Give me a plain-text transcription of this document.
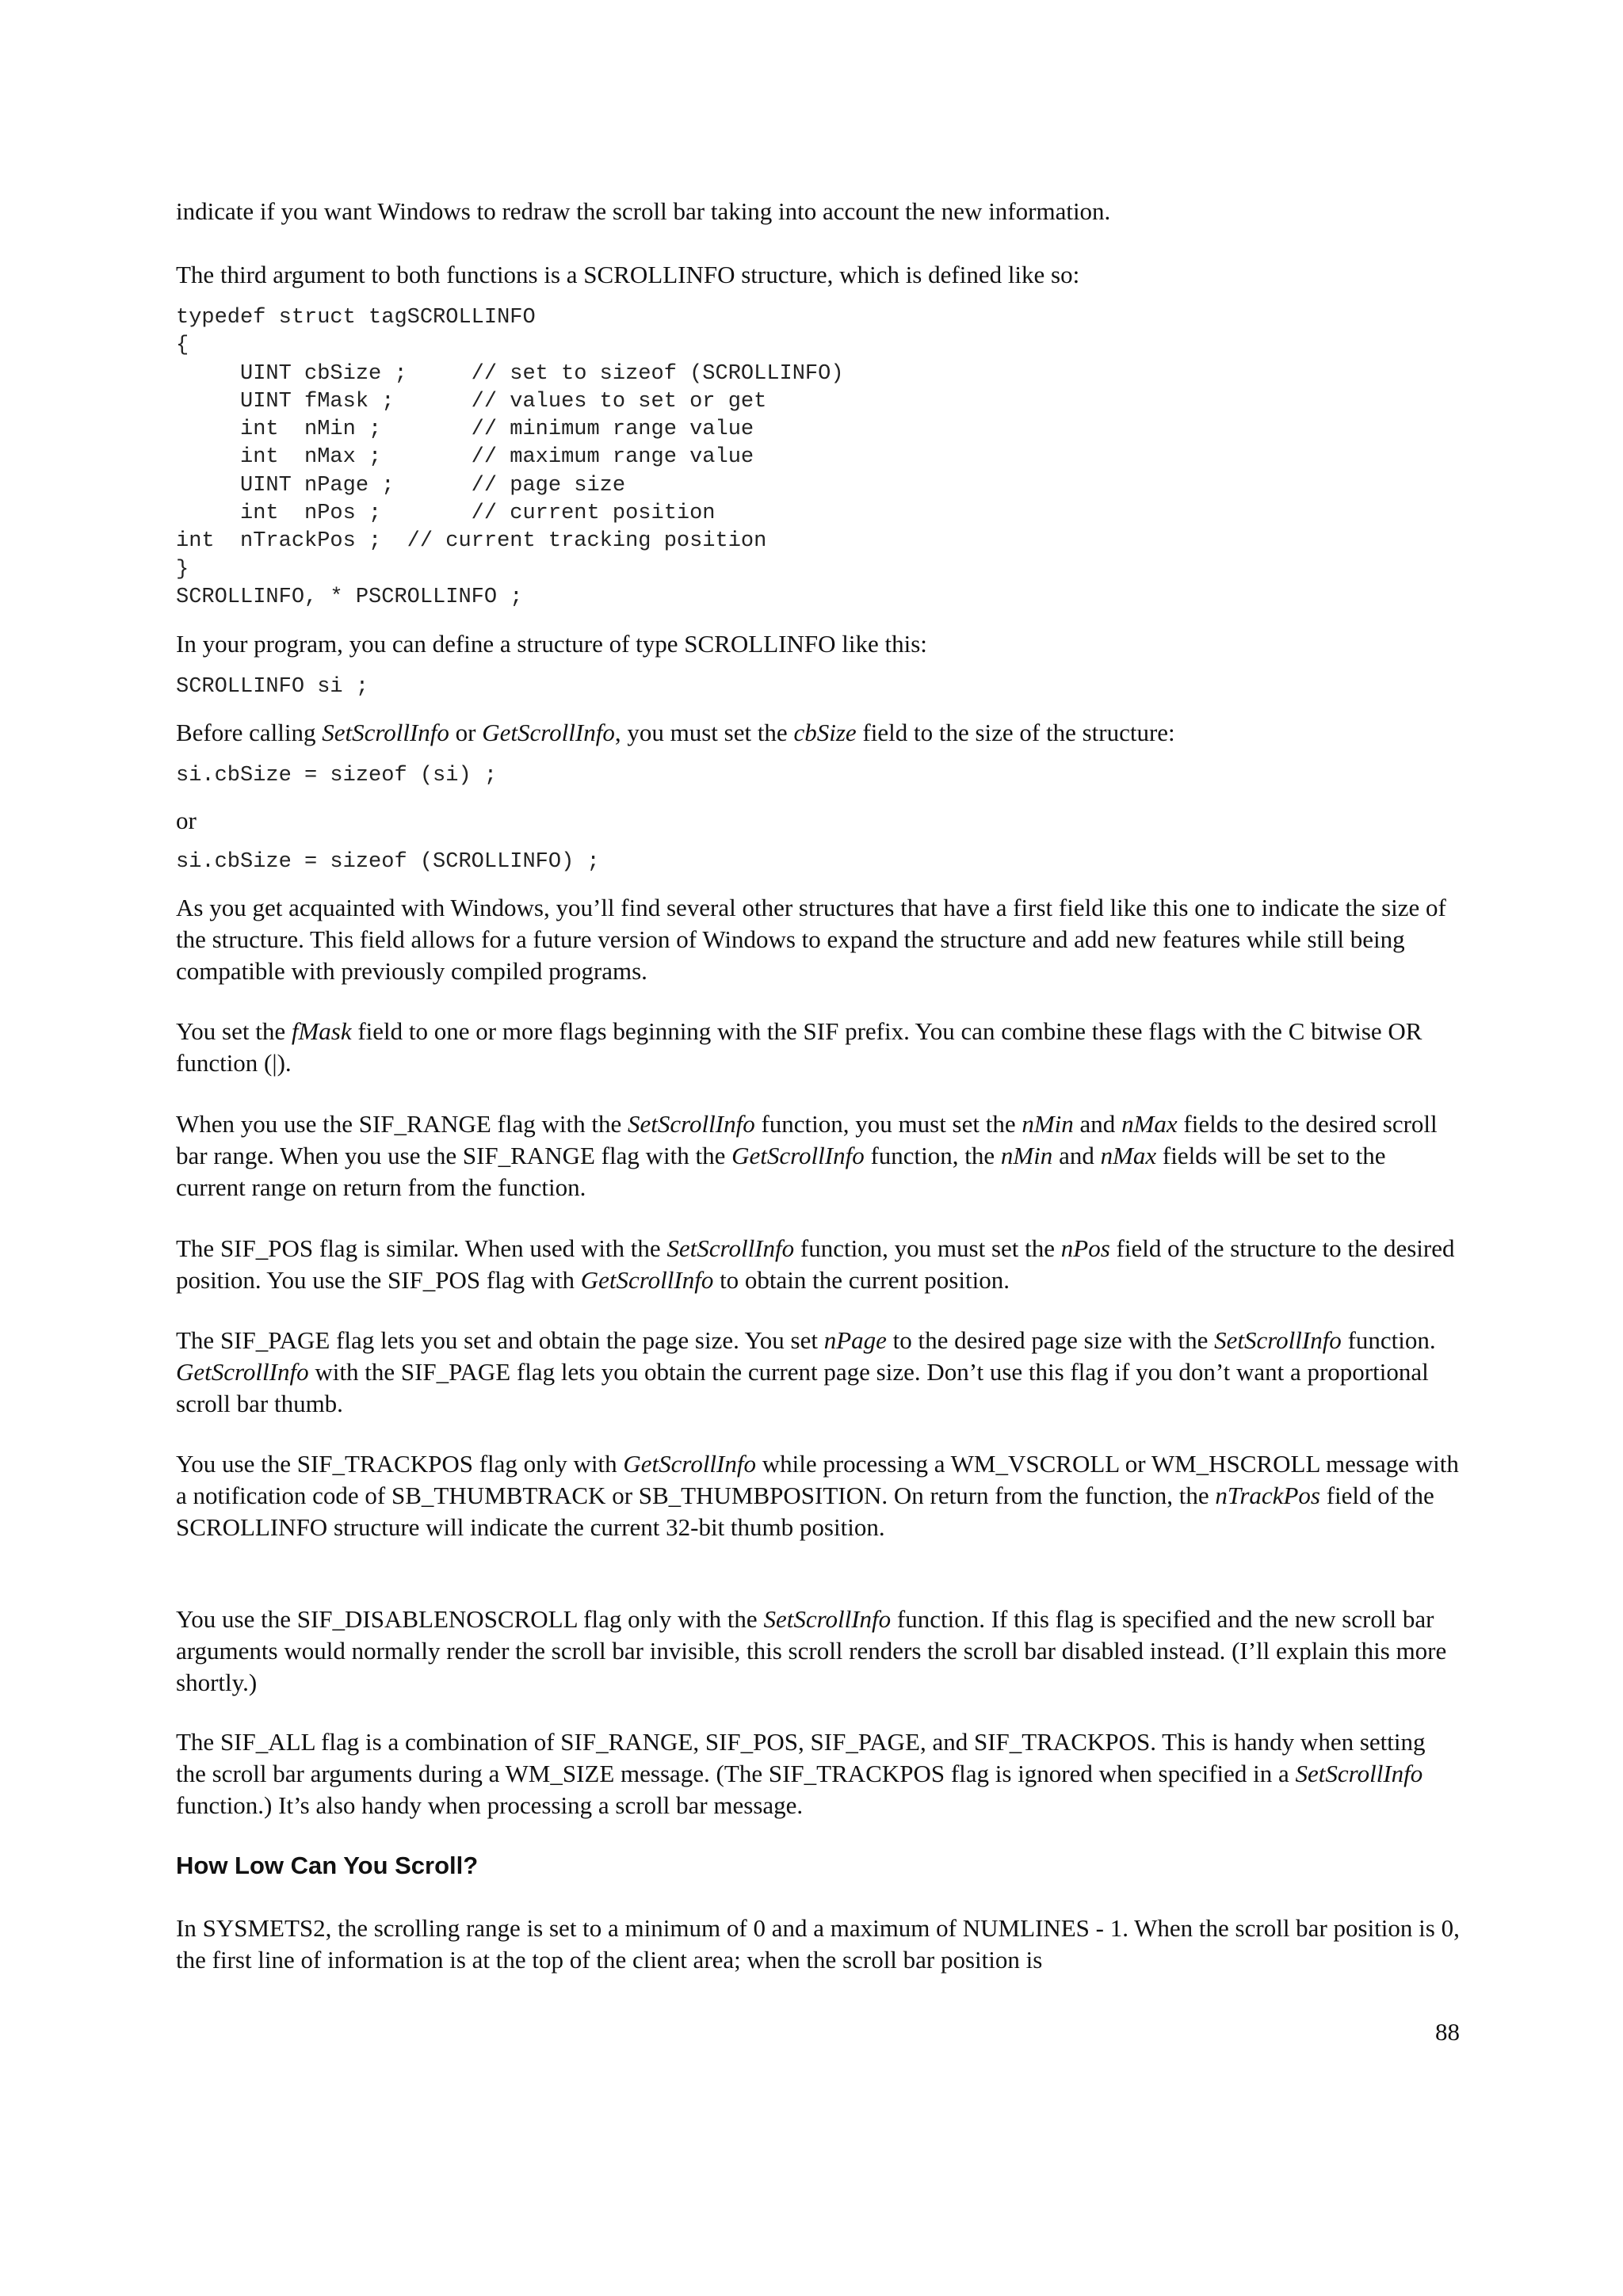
indicate if you want Windows to redraw the scroll bar taking into account the new information.

The third argument to both functions is a SCROLLINFO structure, which is defined like so:

typedef struct tagSCROLLINFO
{
UINT cbSize ;     // set to sizeof (SCROLLINFO)
UINT fMask ;      // values to set or get
int  nMin ;       // minimum range value
int  nMax ;       // maximum range value
UINT nPage ;      // page size
int  nPos ;       // current position
int  nTrackPos ;  // current tracking position
}
SCROLLINFO, * PSCROLLINFO ;

In your program, you can define a structure of type SCROLLINFO like this:

SCROLLINFO si ;

Before calling SetScrollInfo or GetScrollInfo, you must set the cbSize field to the size of the structure:

si.cbSize = sizeof (si) ;

or

si.cbSize = sizeof (SCROLLINFO) ;

As you get acquainted with Windows, you’ll find several other structures that have a first field like this one to indicate the size of the structure. This field allows for a future version of Windows to expand the structure and add new features while still being compatible with previously compiled programs.

You set the fMask field to one or more flags beginning with the SIF prefix. You can combine these flags with the C bitwise OR function (|).

When you use the SIF_RANGE flag with the SetScrollInfo function, you must set the nMin and nMax fields to the desired scroll bar range. When you use the SIF_RANGE flag with the GetScrollInfo function, the nMin and nMax fields will be set to the current range on return from the function.

The SIF_POS flag is similar. When used with the SetScrollInfo function, you must set the nPos field of the structure to the desired position. You use the SIF_POS flag with GetScrollInfo to obtain the current position.

The SIF_PAGE flag lets you set and obtain the page size. You set nPage to the desired page size with the SetScrollInfo function. GetScrollInfo with the SIF_PAGE flag lets you obtain the current page size. Don’t use this flag if you don’t want a proportional scroll bar thumb.

You use the SIF_TRACKPOS flag only with GetScrollInfo while processing a WM_VSCROLL or WM_HSCROLL message with a notification code of SB_THUMBTRACK or SB_THUMBPOSITION. On return from the function, the nTrackPos field of the SCROLLINFO structure will indicate the current 32-bit thumb position.

You use the SIF_DISABLENOSCROLL flag only with the SetScrollInfo function. If this flag is specified and the new scroll bar arguments would normally render the scroll bar invisible, this scroll renders the scroll bar disabled instead. (I’ll explain this more shortly.)

The SIF_ALL flag is a combination of SIF_RANGE, SIF_POS, SIF_PAGE, and SIF_TRACKPOS. This is handy when setting the scroll bar arguments during a WM_SIZE message. (The SIF_TRACKPOS flag is ignored when specified in a SetScrollInfo function.) It’s also handy when processing a scroll bar message.

How Low Can You Scroll?

In SYSMETS2, the scrolling range is set to a minimum of 0 and a maximum of NUMLINES - 1. When the scroll bar position is 0, the first line of information is at the top of the client area; when the scroll bar position is

88
